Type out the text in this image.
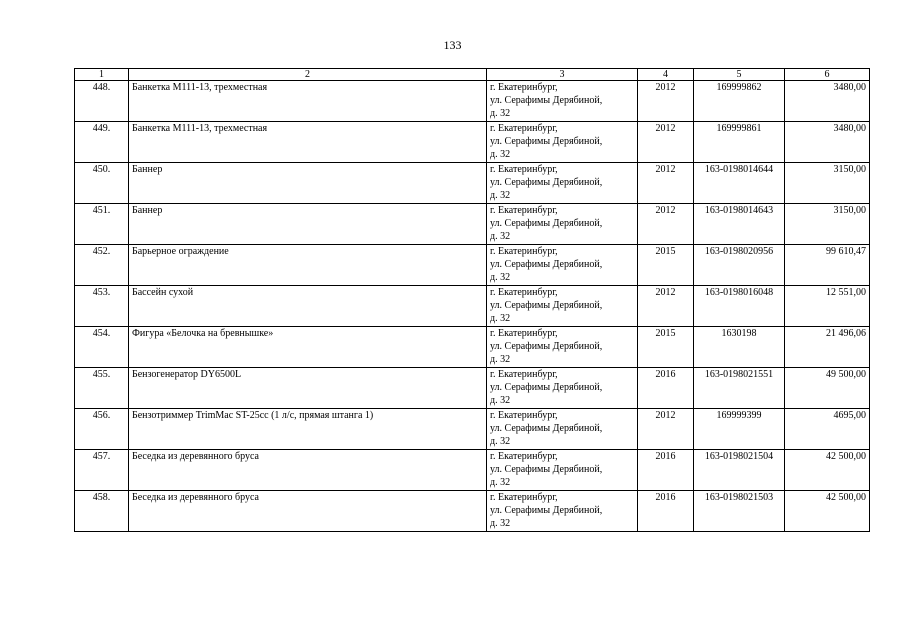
133
1	2	3	4	5	6
448.	Банкетка М111-13, трехместная	г. Екатеринбург,
ул. Серафимы Дерябиной,
д. 32	2012	169999862	3480,00
449.	Банкетка М111-13, трехместная	г. Екатеринбург,
ул. Серафимы Дерябиной,
д. 32	2012	169999861	3480,00
450.	Баннер	г. Екатеринбург,
ул. Серафимы Дерябиной,
д. 32	2012	163-0198014644	3150,00
451.	Баннер	г. Екатеринбург,
ул. Серафимы Дерябиной,
д. 32	2012	163-0198014643	3150,00
452.	Барьерное ограждение	г. Екатеринбург,
ул. Серафимы Дерябиной,
д. 32	2015	163-0198020956	99 610,47
453.	Бассейн сухой	г. Екатеринбург,
ул. Серафимы Дерябиной,
д. 32	2012	163-0198016048	12 551,00
454.	Фигура «Белочка на бревнышке»	г. Екатеринбург,
ул. Серафимы Дерябиной,
д. 32	2015	1630198	21 496,06
455.	Бензогенератор DY6500L	г. Екатеринбург,
ул. Серафимы Дерябиной,
д. 32	2016	163-0198021551	49 500,00
456.	Бензотриммер TrimMac ST-25cc (1 л/с, прямая штанга 1)	г. Екатеринбург,
ул. Серафимы Дерябиной,
д. 32	2012	169999399	4695,00
457.	Беседка из деревянного бруса	г. Екатеринбург,
ул. Серафимы Дерябиной,
д. 32	2016	163-0198021504	42 500,00
458.	Беседка из деревянного бруса	г. Екатеринбург,
ул. Серафимы Дерябиной,
д. 32	2016	163-0198021503	42 500,00
